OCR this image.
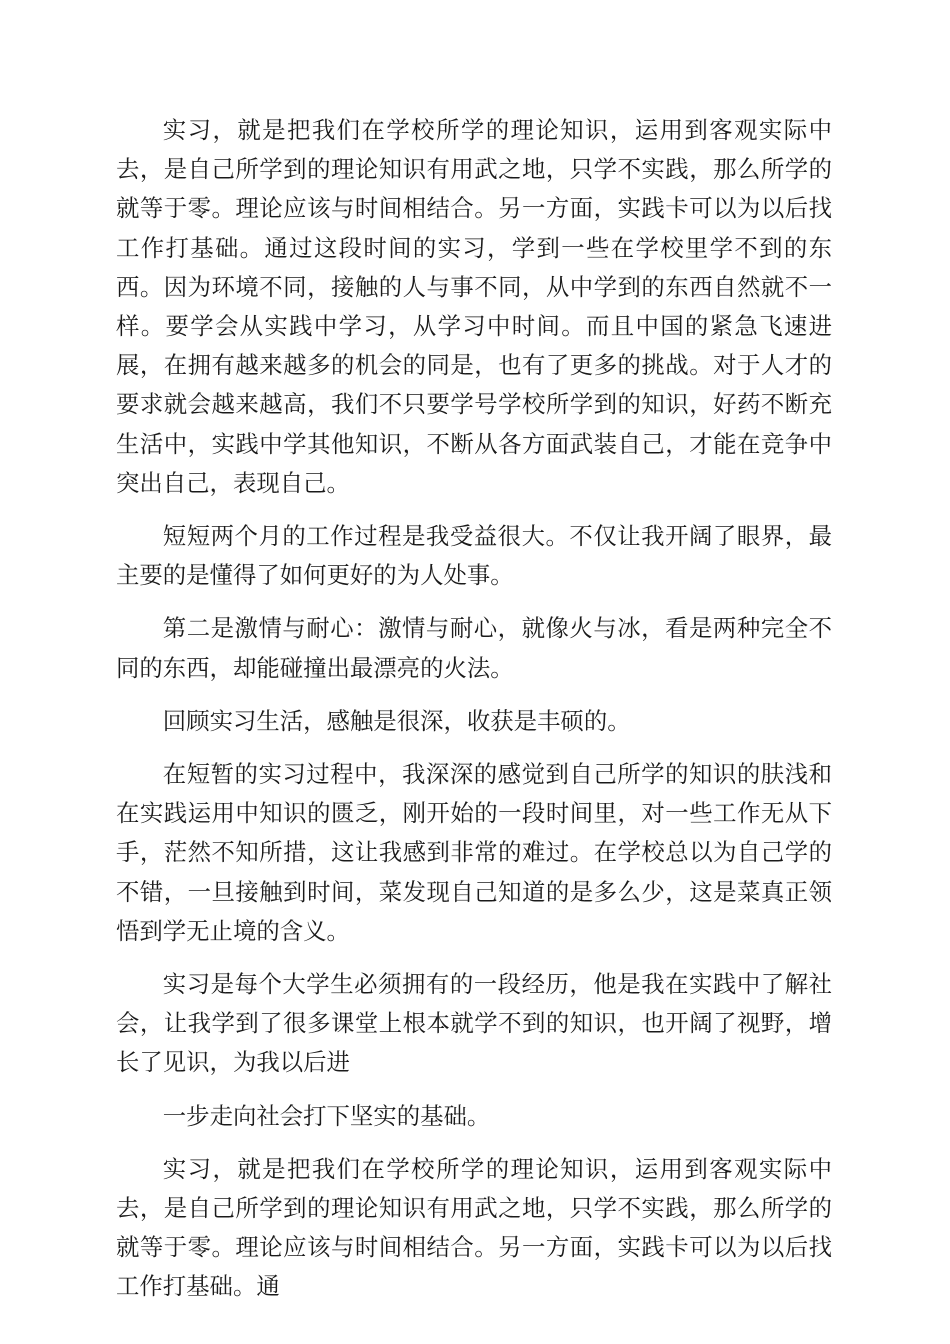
实习，就是把我们在学校所学的理论知识，运用到客观实际中去，是自己所学到的理论知识有用武之地，只学不实践，那么所学的就等于零。理论应该与时间相结合。另一方面，实践卡可以为以后找工作打基础。通过这段时间的实习，学到一些在学校里学不到的东西。因为环境不同，接触的人与事不同，从中学到的东西自然就不一样。要学会从实践中学习，从学习中时间。而且中国的紧急飞速进展，在拥有越来越多的机会的同是，也有了更多的挑战。对于人才的要求就会越来越高，我们不只要学号学校所学到的知识，好药不断充生活中，实践中学其他知识，不断从各方面武装自己，才能在竞争中突出自己，表现自己。

短短两个月的工作过程是我受益很大。不仅让我开阔了眼界，最主要的是懂得了如何更好的为人处事。

第二是激情与耐心：激情与耐心，就像火与冰，看是两种完全不同的东西，却能碰撞出最漂亮的火法。

回顾实习生活，感触是很深，收获是丰硕的。

在短暂的实习过程中，我深深的感觉到自己所学的知识的肤浅和在实践运用中知识的匮乏，刚开始的一段时间里，对一些工作无从下手，茫然不知所措，这让我感到非常的难过。在学校总以为自己学的不错，一旦接触到时间，菜发现自己知道的是多么少，这是菜真正领悟到学无止境的含义。

实习是每个大学生必须拥有的一段经历，他是我在实践中了解社会，让我学到了很多课堂上根本就学不到的知识，也开阔了视野，增长了见识，为我以后进

一步走向社会打下坚实的基础。

实习，就是把我们在学校所学的理论知识，运用到客观实际中去，是自己所学到的理论知识有用武之地，只学不实践，那么所学的就等于零。理论应该与时间相结合。另一方面，实践卡可以为以后找工作打基础。通
